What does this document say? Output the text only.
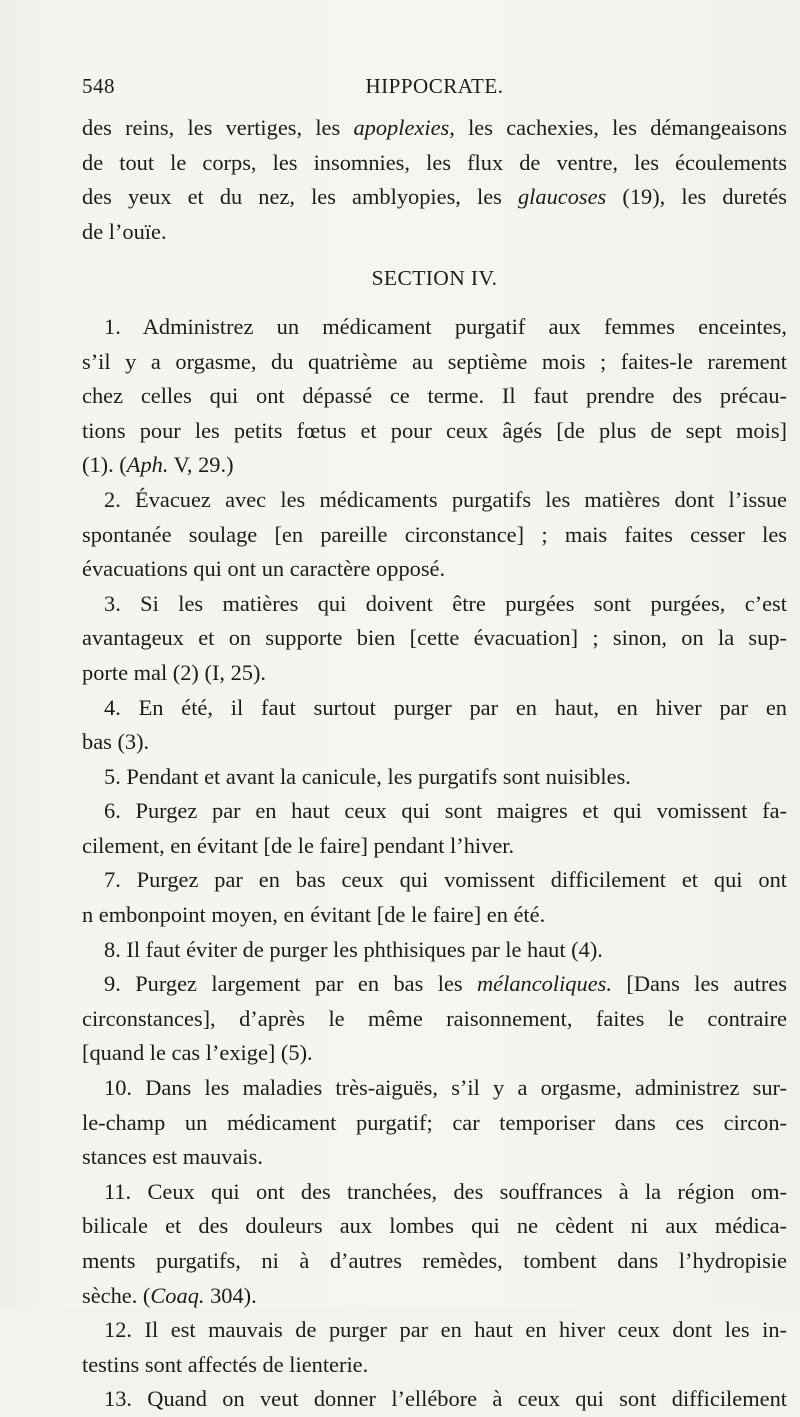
548	HIPPOCRATE.
des reins, les vertiges, les apoplexies, les cachexies, les démangeaisons
de tout le corps, les insomnies, les flux de ventre, les écoulements
des yeux et du nez, les amblyopies, les glaucoses (19), les duretés
de l’ouïe.
SECTION IV.
1. Administrez un médicament purgatif aux femmes enceintes,
s’il y a orgasme, du quatrième au septième mois ; faites-le rarement
chez celles qui ont dépassé ce terme. Il faut prendre des précau-
tions pour les petits fœtus et pour ceux âgés [de plus de sept mois]
(1). (Aph. V, 29.)
2. Évacuez avec les médicaments purgatifs les matières dont l’issue
spontanée soulage [en pareille circonstance] ; mais faites cesser les
évacuations qui ont un caractère opposé.
3. Si les matières qui doivent être purgées sont purgées, c’est
avantageux et on supporte bien [cette évacuation] ; sinon, on la sup-
porte mal (2) (I, 25).
4. En été, il faut surtout purger par en haut, en hiver par en
bas (3).
5. Pendant et avant la canicule, les purgatifs sont nuisibles.
6. Purgez par en haut ceux qui sont maigres et qui vomissent fa-
cilement, en évitant [de le faire] pendant l’hiver.
7. Purgez par en bas ceux qui vomissent difficilement et qui ont
n embonpoint moyen, en évitant [de le faire] en été.
8. Il faut éviter de purger les phthisiques par le haut (4).
9. Purgez largement par en bas les mélancoliques. [Dans les autres
circonstances], d’après le même raisonnement, faites le contraire
[quand le cas l’exige] (5).
10. Dans les maladies très-aiguës, s’il y a orgasme, administrez sur-
le-champ un médicament purgatif; car temporiser dans ces circon-
stances est mauvais.
11. Ceux qui ont des tranchées, des souffrances à la région om-
bilicale et des douleurs aux lombes qui ne cèdent ni aux médica-
ments purgatifs, ni à d’autres remèdes, tombent dans l’hydropisie
sèche. (Coaq. 304).
12. Il est mauvais de purger par en haut en hiver ceux dont les in-
testins sont affectés de lienterie.
13. Quand on veut donner l’ellébore à ceux qui sont difficilement
